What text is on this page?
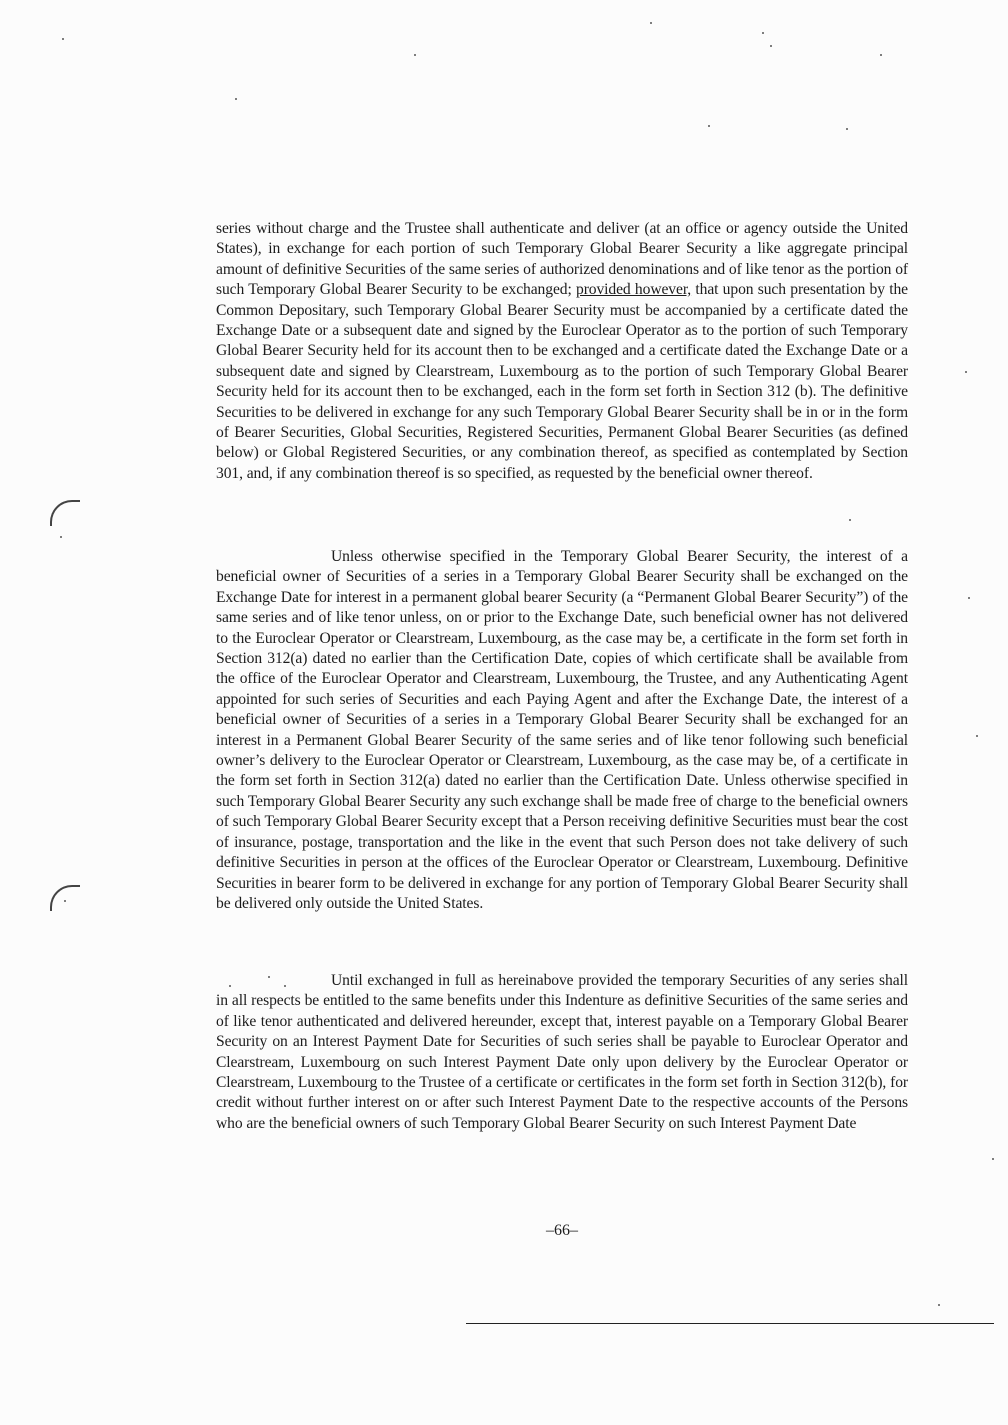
series without charge and the Trustee shall authenticate and deliver (at an office or agency outside the United States), in exchange for each portion of such Temporary Global Bearer Security a like aggregate principal amount of definitive Securities of the same series of authorized denominations and of like tenor as the portion of such Temporary Global Bearer Security to be exchanged; provided however, that upon such presentation by the Common Depositary, such Temporary Global Bearer Security must be accompanied by a certificate dated the Exchange Date or a subsequent date and signed by the Euroclear Operator as to the portion of such Temporary Global Bearer Security held for its account then to be exchanged and a certificate dated the Exchange Date or a subsequent date and signed by Clearstream, Luxembourg as to the portion of such Temporary Global Bearer Security held for its account then to be exchanged, each in the form set forth in Section 312 (b). The definitive Securities to be delivered in exchange for any such Temporary Global Bearer Security shall be in or in the form of Bearer Securities, Global Securities, Registered Securities, Permanent Global Bearer Securities (as defined below) or Global Registered Securities, or any combination thereof, as specified as contemplated by Section 301, and, if any combination thereof is so specified, as requested by the beneficial owner thereof.

Unless otherwise specified in the Temporary Global Bearer Security, the interest of a beneficial owner of Securities of a series in a Temporary Global Bearer Security shall be exchanged on the Exchange Date for interest in a permanent global bearer Security (a “Permanent Global Bearer Security”) of the same series and of like tenor unless, on or prior to the Exchange Date, such beneficial owner has not delivered to the Euroclear Operator or Clearstream, Luxembourg, as the case may be, a certificate in the form set forth in Section 312(a) dated no earlier than the Certification Date, copies of which certificate shall be available from the office of the Euroclear Operator and Clearstream, Luxembourg, the Trustee, and any Authenticating Agent appointed for such series of Securities and each Paying Agent and after the Exchange Date, the interest of a beneficial owner of Securities of a series in a Temporary Global Bearer Security shall be exchanged for an interest in a Permanent Global Bearer Security of the same series and of like tenor following such beneficial owner’s delivery to the Euroclear Operator or Clearstream, Luxembourg, as the case may be, of a certificate in the form set forth in Section 312(a) dated no earlier than the Certification Date. Unless otherwise specified in such Temporary Global Bearer Security any such exchange shall be made free of charge to the beneficial owners of such Temporary Global Bearer Security except that a Person receiving definitive Securities must bear the cost of insurance, postage, transportation and the like in the event that such Person does not take delivery of such definitive Securities in person at the offices of the Euroclear Operator or Clearstream, Luxembourg. Definitive Securities in bearer form to be delivered in exchange for any portion of Temporary Global Bearer Security shall be delivered only outside the United States.

Until exchanged in full as hereinabove provided the temporary Securities of any series shall in all respects be entitled to the same benefits under this Indenture as definitive Securities of the same series and of like tenor authenticated and delivered hereunder, except that, interest payable on a Temporary Global Bearer Security on an Interest Payment Date for Securities of such series shall be payable to Euroclear Operator and Clearstream, Luxembourg on such Interest Payment Date only upon delivery by the Euroclear Operator or Clearstream, Luxembourg to the Trustee of a certificate or certificates in the form set forth in Section 312(b), for credit without further interest on or after such Interest Payment Date to the respective accounts of the Persons who are the beneficial owners of such Temporary Global Bearer Security on such Interest Payment Date

–66–
